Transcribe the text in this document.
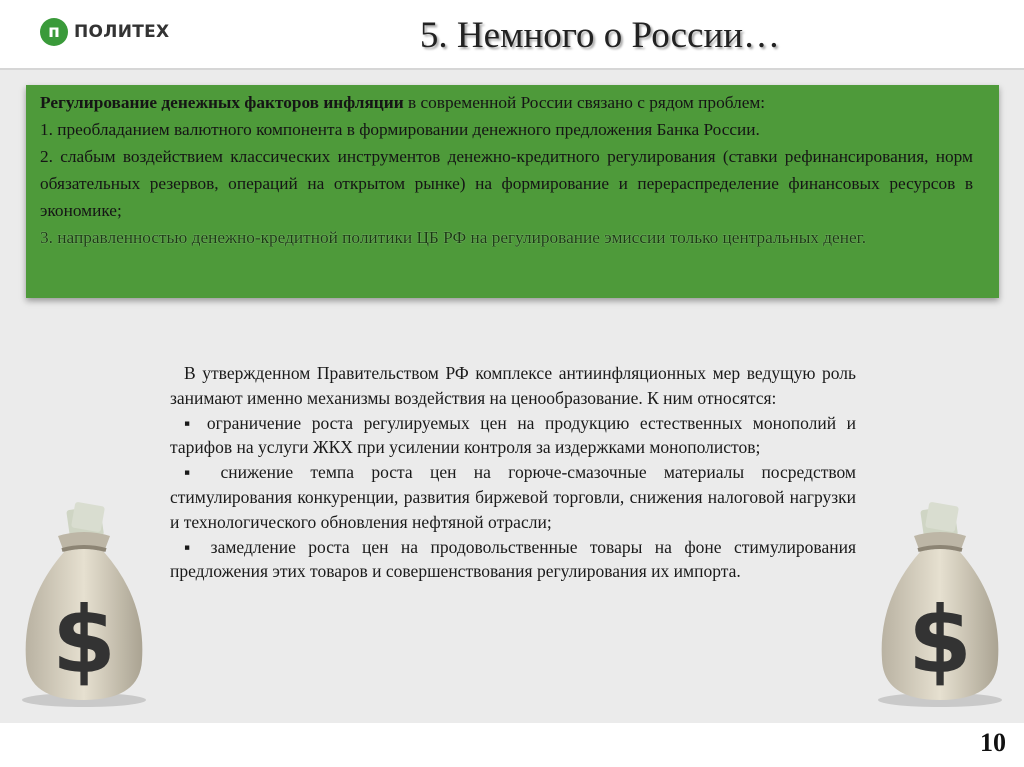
п ПОЛИТЕХ	5. Немного о России…

Регулирование денежных факторов инфляции в современной России связано с рядом проблем:

1. преобладанием валютного компонента в формировании денежного предложения Банка России.

2. слабым воздействием классических инструментов денежно-кредитного регулирования (ставки рефинансирования, норм обязательных резервов, операций на открытом рынке) на формирование и перераспределение финансовых ресурсов в экономике;

3. направленностью денежно-кредитной политики ЦБ РФ на регулирование эмиссии только центральных денег.

$	$

В утвержденном Правительством РФ комплексе антиинфляционных мер ведущую роль занимают именно механизмы воздействия на ценообразование. К ним относятся:

▪ ограничение роста регулируемых цен на продукцию естественных монополий и тарифов на услуги ЖКХ при усилении контроля за издержками монополистов;

▪ снижение темпа роста цен на горюче-смазочные материалы посредством стимулирования конкуренции, развития биржевой торговли, снижения налоговой нагрузки и технологического обновления нефтяной отрасли;

▪ замедление роста цен на продовольственные товары на фоне стимулирования предложения этих товаров и совершенствования регулирования их импорта.

10
